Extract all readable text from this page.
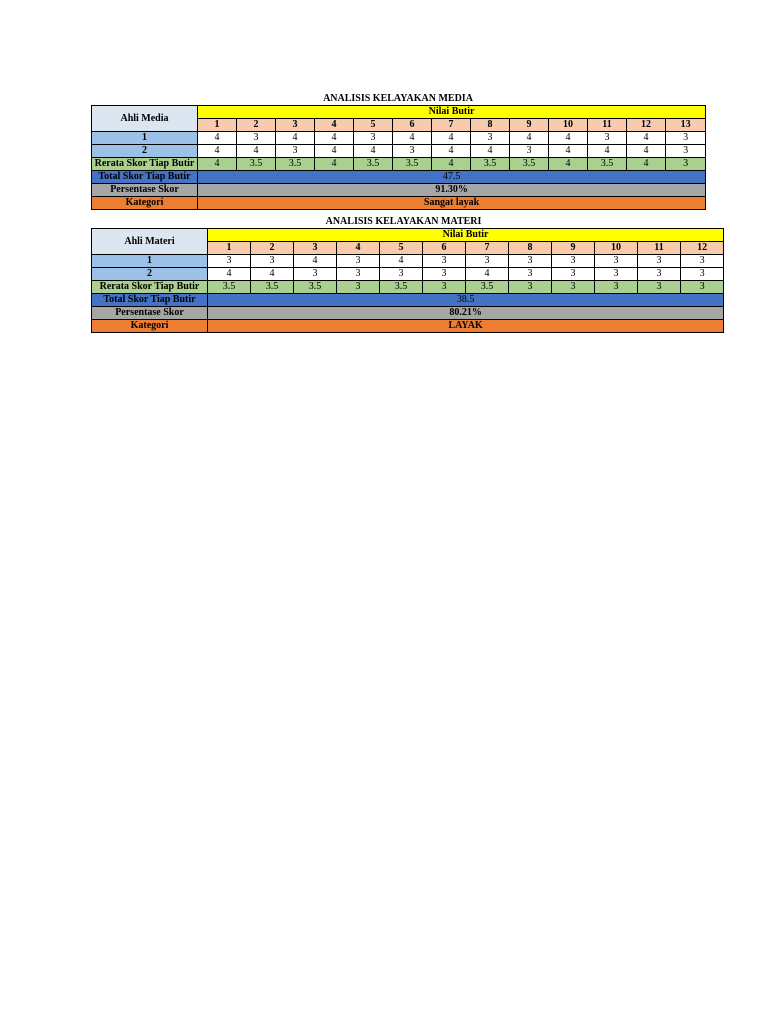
ANALISIS KELAYAKAN MEDIA
Ahli Media	Nilai Butir												
	1	2	3	4	5	6	7	8	9	10	11	12	13
1	4	3	4	4	3	4	4	3	4	4	3	4	3
2	4	4	3	4	4	3	4	4	3	4	4	4	3
Rerata Skor Tiap Butir	4	3.5	3.5	4	3.5	3.5	4	3.5	3.5	4	3.5	4	3
Total Skor Tiap Butir	47.5												
Persentase Skor	91.30%												
Kategori	Sangat layak												
ANALISIS KELAYAKAN MATERI
Ahli Materi	Nilai Butir											
	1	2	3	4	5	6	7	8	9	10	11	12
1	3	3	4	3	4	3	3	3	3	3	3	3
2	4	4	3	3	3	3	4	3	3	3	3	3
Rerata Skor Tiap Butir	3.5	3.5	3.5	3	3.5	3	3.5	3	3	3	3	3
Total Skor Tiap Butir	38.5											
Persentase Skor	80.21%											
Kategori	LAYAK											
